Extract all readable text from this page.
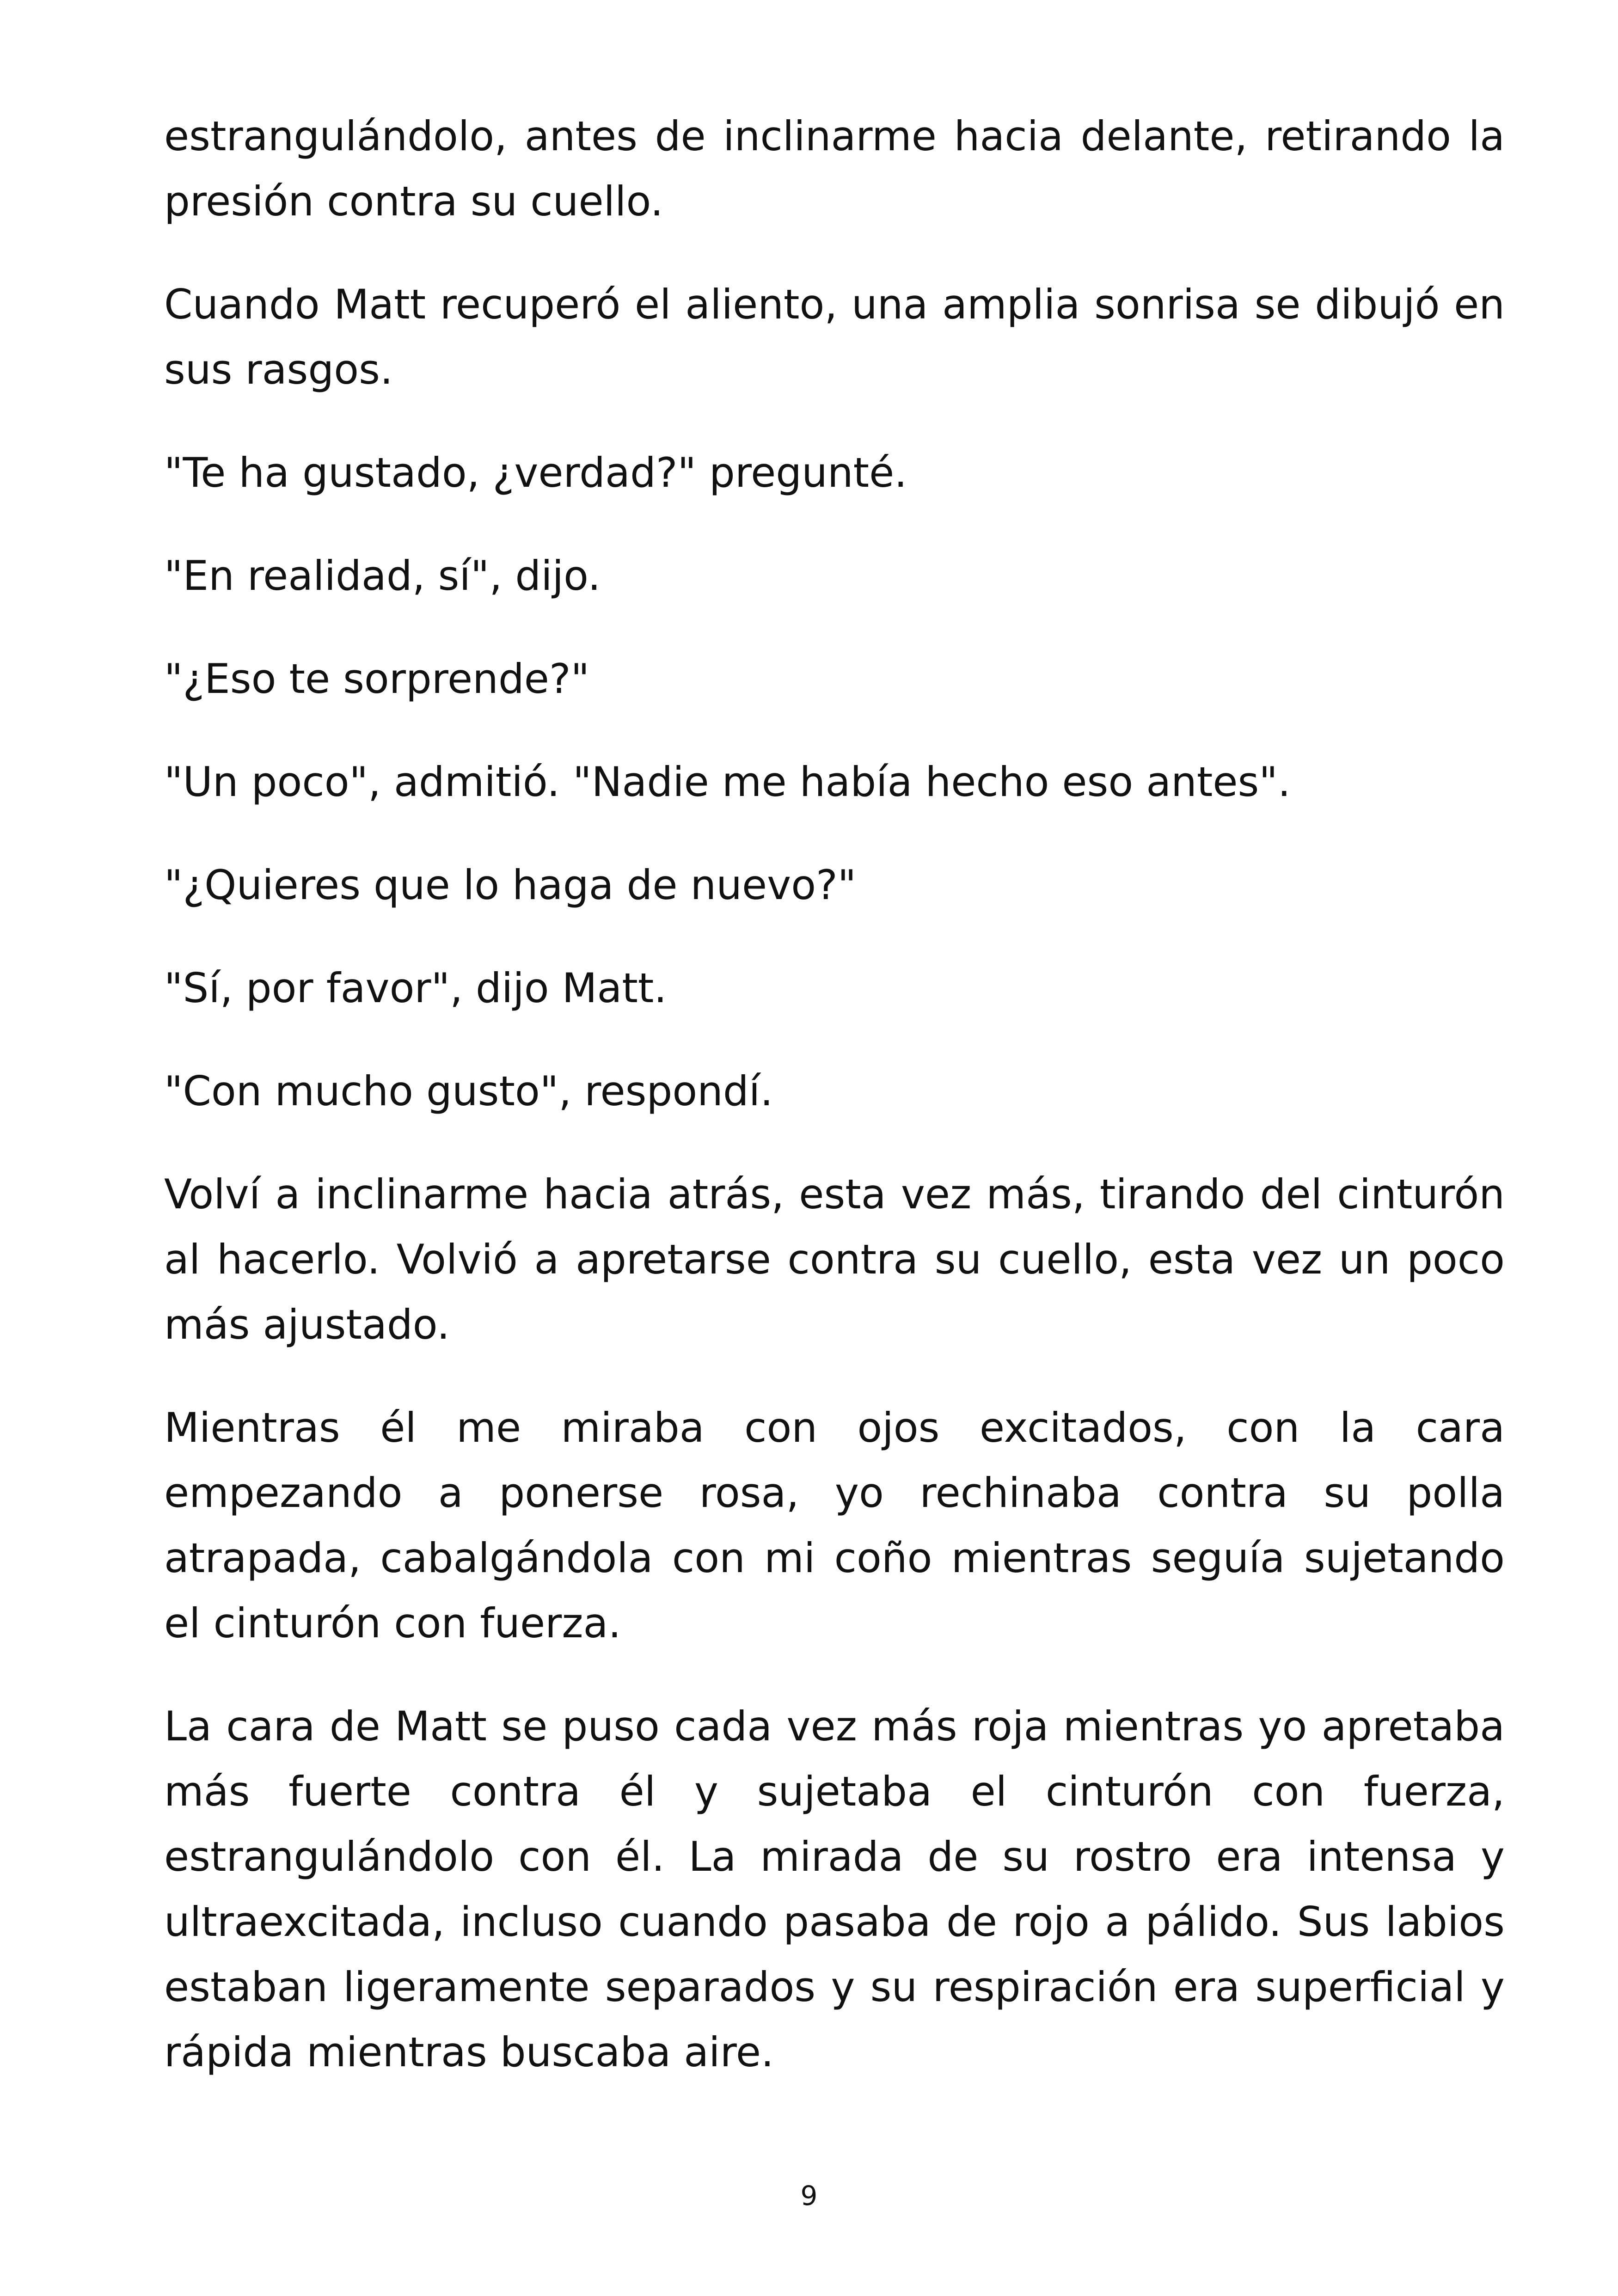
estrangulándolo, antes de inclinarme hacia delante, retirando la presión contra su cuello.

Cuando Matt recuperó el aliento, una amplia sonrisa se dibujó en sus rasgos.

"Te ha gustado, ¿verdad?" pregunté.

"En realidad, sí", dijo.

"¿Eso te sorprende?"

"Un poco", admitió. "Nadie me había hecho eso antes".

"¿Quieres que lo haga de nuevo?"

"Sí, por favor", dijo Matt.

"Con mucho gusto", respondí.

Volví a inclinarme hacia atrás, esta vez más, tirando del cinturón al hacerlo. Volvió a apretarse contra su cuello, esta vez un poco más ajustado.

Mientras él me miraba con ojos excitados, con la cara empezando a ponerse rosa, yo rechinaba contra su polla atrapada, cabalgándola con mi coño mientras seguía sujetando el cinturón con fuerza.

La cara de Matt se puso cada vez más roja mientras yo apretaba más fuerte contra él y sujetaba el cinturón con fuerza, estrangulándolo con él. La mirada de su rostro era intensa y ultraexcitada, incluso cuando pasaba de rojo a pálido. Sus labios estaban ligeramente separados y su respiración era superficial y rápida mientras buscaba aire.

9
